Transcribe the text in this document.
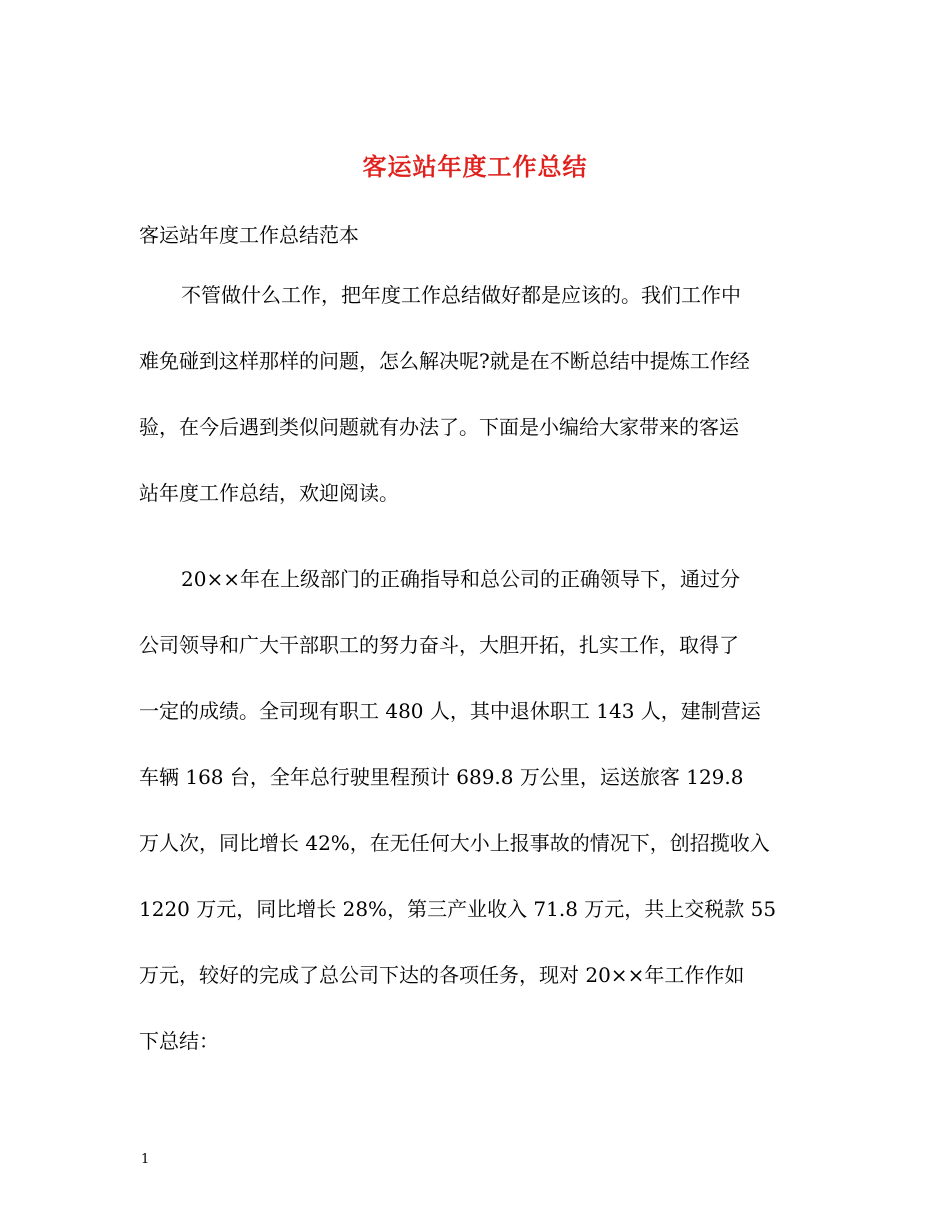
客运站年度工作总结
客运站年度工作总结范本

不管做什么工作，把年度工作总结做好都是应该的。我们工作中
难免碰到这样那样的问题，怎么解决呢?就是在不断总结中提炼工作经
验，在今后遇到类似问题就有办法了。下面是小编给大家带来的客运
站年度工作总结，欢迎阅读。

20××年在上级部门的正确指导和总公司的正确领导下，通过分
公司领导和广大干部职工的努力奋斗，大胆开拓，扎实工作，取得了
一定的成绩。全司现有职工 480 人，其中退休职工 143 人，建制营运
车辆 168 台，全年总行驶里程预计 689.8 万公里，运送旅客 129.8
万人次，同比增长 42%，在无任何大小上报事故的情况下，创招揽收入
1220 万元，同比增长 28%，第三产业收入 71.8 万元，共上交税款 55
万元，较好的完成了总公司下达的各项任务，现对 20××年工作作如
下总结：

1
